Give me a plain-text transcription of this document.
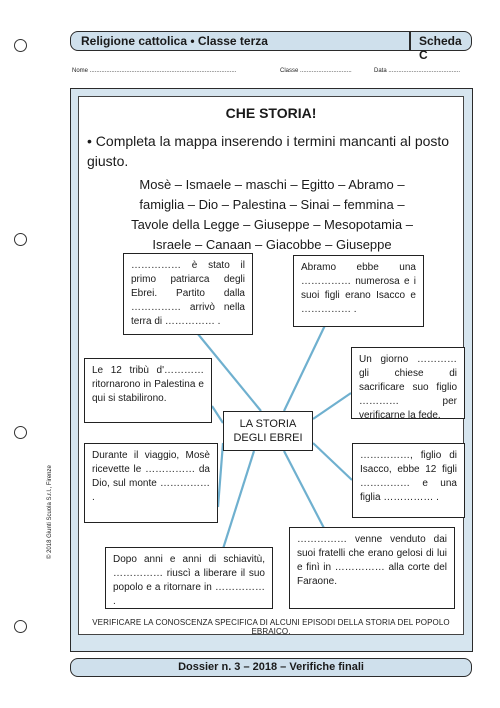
Religione cattolica • Classe terza	Scheda C
Nome ........................................................................................	Classe ...............................	Data ...........................................
CHE STORIA!
• Completa la mappa inserendo i termini mancanti al posto giusto.
Mosè – Ismaele – maschi – Egitto – Abramo –
famiglia – Dio – Palestina – Sinai – femmina –
Tavole della Legge – Giuseppe – Mesopotamia –
Israele – Canaan – Giacobbe – Giuseppe
…………… è stato il primo patriarca degli Ebrei. Partito dalla …………… arrivò nella terra di …………… .
Abramo ebbe una …………… numerosa e i suoi figli erano Isacco e …………… .
Le 12 tribù d'………… ritornarono in Palestina e qui si stabilirono.
Un giorno ………… gli chiese di sacrificare suo figlio ………… per verificarne la fede.
Durante il viaggio, Mosè ricevette le …………… da Dio, sul monte …………… .
……………, figlio di Isacco, ebbe 12 figli …………… e una figlia …………… .
Dopo anni e anni di schiavitù, …………… riuscì a liberare il suo popolo e a ritornare in …………… .
…………… venne venduto dai suoi fratelli che erano gelosi di lui e finì in …………… alla corte del Faraone.
LA STORIA DEGLI EBREI
VERIFICARE LA CONOSCENZA SPECIFICA DI ALCUNI EPISODI DELLA STORIA DEL POPOLO EBRAICO.
© 2018 Giunti Scuola S.r.l., Firenze
Dossier n. 3 – 2018 – Verifiche finali
